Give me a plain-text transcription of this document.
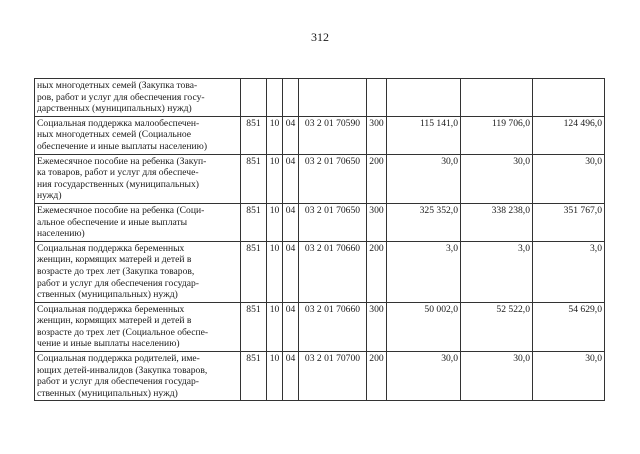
312
ных многодетных семей (Закупка това-
ров, работ и услуг для обеспечения госу-
дарственных (муниципальных) нужд)								

Социальная поддержка малообеспечен-
ных многодетных семей (Социальное
обеспечение и иные выплаты населению)	851	10	04	03 2 01 70590	300	115 141,0	119 706,0	124 496,0

Ежемесячное пособие на ребенка (Закуп-
ка товаров, работ и услуг для обеспече-
ния государственных (муниципальных)
нужд)	851	10	04	03 2 01 70650	200	30,0	30,0	30,0

Ежемесячное пособие на ребенка (Соци-
альное обеспечение и иные выплаты
населению)	851	10	04	03 2 01 70650	300	325 352,0	338 238,0	351 767,0

Социальная поддержка беременных
женщин, кормящих матерей и детей в
возрасте до трех лет (Закупка товаров,
работ и услуг для обеспечения государ-
ственных (муниципальных) нужд)	851	10	04	03 2 01 70660	200	3,0	3,0	3,0

Социальная поддержка беременных
женщин, кормящих матерей и детей в
возрасте до трех лет (Социальное обеспе-
чение и иные выплаты населению)	851	10	04	03 2 01 70660	300	50 002,0	52 522,0	54 629,0

Социальная поддержка родителей, име-
ющих детей-инвалидов (Закупка товаров,
работ и услуг для обеспечения государ-
ственных (муниципальных) нужд)	851	10	04	03 2 01 70700	200	30,0	30,0	30,0
